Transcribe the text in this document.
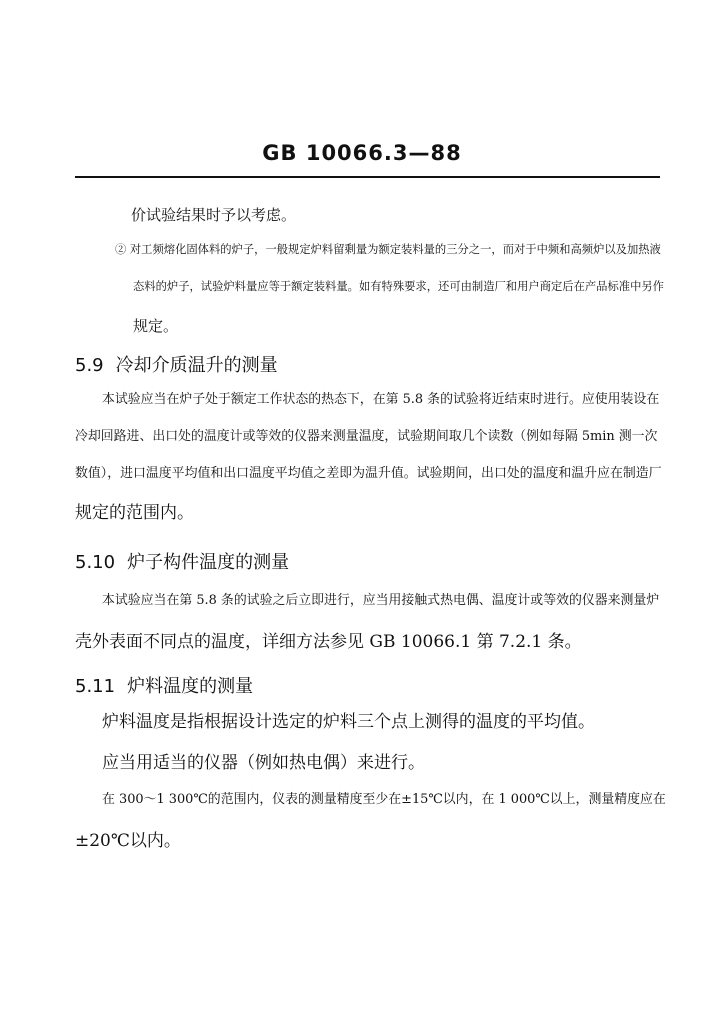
GB 10066.3—88
价试验结果时予以考虑。
② 对工频熔化固体料的炉子，一般规定炉料留剩量为额定装料量的三分之一，而对于中频和高频炉以及加热液
态料的炉子，试验炉料量应等于额定装料量。如有特殊要求，还可由制造厂和用户商定后在产品标准中另作
规定。
5.9 冷却介质温升的测量
本试验应当在炉子处于额定工作状态的热态下，在第 5.8 条的试验将近结束时进行。应使用装设在
冷却回路进、出口处的温度计或等效的仪器来测量温度，试验期间取几个读数（例如每隔 5min 测一次
数值），进口温度平均值和出口温度平均值之差即为温升值。试验期间，出口处的温度和温升应在制造厂
规定的范围内。
5.10 炉子构件温度的测量
本试验应当在第 5.8 条的试验之后立即进行，应当用接触式热电偶、温度计或等效的仪器来测量炉
壳外表面不同点的温度，详细方法参见 GB 10066.1 第 7.2.1 条。
5.11 炉料温度的测量
炉料温度是指根据设计选定的炉料三个点上测得的温度的平均值。
应当用适当的仪器（例如热电偶）来进行。
在 300～1 300℃的范围内，仪表的测量精度至少在±15℃以内，在 1 000℃以上，测量精度应在
±20℃以内。
